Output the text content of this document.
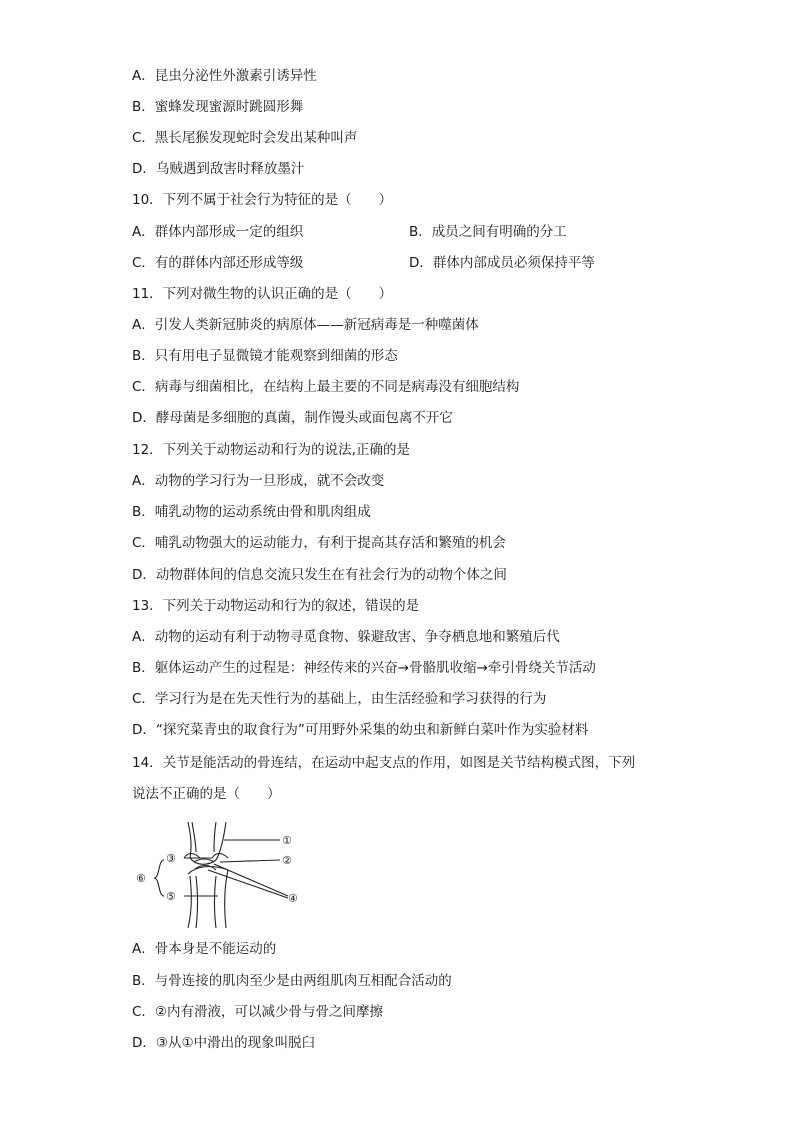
A．昆虫分泌性外激素引诱异性
B．蜜蜂发现蜜源时跳圆形舞
C．黑长尾猴发现蛇时会发出某种叫声
D．乌贼遇到敌害时释放墨汁
10．下列不属于社会行为特征的是（　　）
A．群体内部形成一定的组织	B．成员之间有明确的分工
C．有的群体内部还形成等级	D．群体内部成员必须保持平等
11．下列对微生物的认识正确的是（　　）
A．引发人类新冠肺炎的病原体——新冠病毒是一种噬菌体
B．只有用电子显微镜才能观察到细菌的形态
C．病毒与细菌相比，在结构上最主要的不同是病毒没有细胞结构
D．酵母菌是多细胞的真菌，制作馒头或面包离不开它
12．下列关于动物运动和行为的说法,正确的是
A．动物的学习行为一旦形成，就不会改变
B．哺乳动物的运动系统由骨和肌肉组成
C．哺乳动物强大的运动能力，有利于提高其存活和繁殖的机会
D．动物群体间的信息交流只发生在有社会行为的动物个体之间
13．下列关于动物运动和行为的叙述，错误的是
A．动物的运动有利于动物寻觅食物、躲避敌害、争夺栖息地和繁殖后代
B．躯体运动产生的过程是：神经传来的兴奋→骨骼肌收缩→牵引骨绕关节活动
C．学习行为是在先天性行为的基础上，由生活经验和学习获得的行为
D．“探究菜青虫的取食行为”可用野外采集的幼虫和新鲜白菜叶作为实验材料
14．关节是能活动的骨连结，在运动中起支点的作用，如图是关节结构模式图，下列
说法不正确的是（　　）
①
②
③
④
⑤
⑥
A．骨本身是不能运动的
B．与骨连接的肌肉至少是由两组肌肉互相配合活动的
C．②内有滑液，可以减少骨与骨之间摩擦
D．③从①中滑出的现象叫脱臼
